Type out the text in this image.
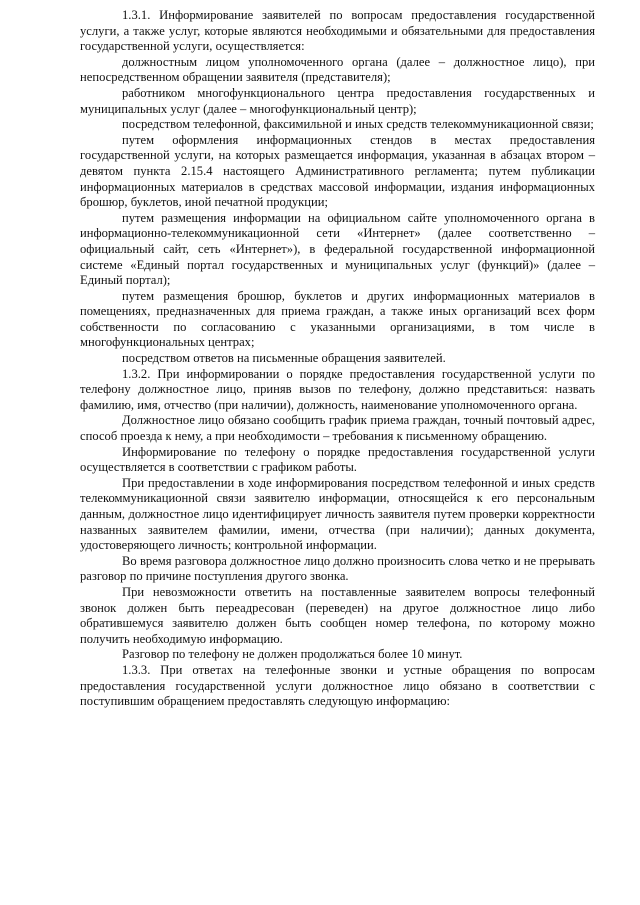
1.3.1. Информирование заявителей по вопросам предоставления государственной услуги, а также услуг, которые являются необходимыми и обязательными для предоставления государственной услуги, осуществляется:

должностным лицом уполномоченного органа (далее – должностное лицо), при непосредственном обращении заявителя (представителя);

работником многофункционального центра предоставления государственных и муниципальных услуг (далее – многофункциональный центр);

посредством телефонной, факсимильной и иных средств телекоммуникационной связи;

путем оформления информационных стендов в местах предоставления государственной услуги, на которых размещается информация, указанная в абзацах втором – девятом пункта 2.15.4 настоящего Административного регламента; путем публикации информационных материалов в средствах массовой информации, издания информационных брошюр, буклетов, иной печатной продукции;

путем размещения информации на официальном сайте уполномоченного органа в информационно-телекоммуникационной сети «Интернет» (далее соответственно – официальный сайт, сеть «Интернет»), в федеральной государственной информационной системе «Единый портал государственных и муниципальных услуг (функций)» (далее – Единый портал);

путем размещения брошюр, буклетов и других информационных материалов в помещениях, предназначенных для приема граждан, а также иных организаций всех форм собственности по согласованию с указанными организациями, в том числе в многофункциональных центрах;

посредством ответов на письменные обращения заявителей.

1.3.2. При информировании о порядке предоставления государственной услуги по телефону должностное лицо, приняв вызов по телефону, должно представиться: назвать фамилию, имя, отчество (при наличии), должность, наименование уполномоченного органа.

Должностное лицо обязано сообщить график приема граждан, точный почтовый адрес, способ проезда к нему, а при необходимости – требования к письменному обращению.

Информирование по телефону о порядке предоставления государственной услуги осуществляется в соответствии с графиком работы.

При предоставлении в ходе информирования посредством телефонной и иных средств телекоммуникационной связи заявителю информации, относящейся к его персональным данным, должностное лицо идентифицирует личность заявителя путем проверки корректности названных заявителем фамилии, имени, отчества (при наличии); данных документа, удостоверяющего личность; контрольной информации.

Во время разговора должностное лицо должно произносить слова четко и не прерывать разговор по причине поступления другого звонка.

При невозможности ответить на поставленные заявителем вопросы телефонный звонок должен быть переадресован (переведен) на другое должностное лицо либо обратившемуся заявителю должен быть сообщен номер телефона, по которому можно получить необходимую информацию.

Разговор по телефону не должен продолжаться более 10 минут.

1.3.3. При ответах на телефонные звонки и устные обращения по вопросам предоставления государственной услуги должностное лицо обязано в соответствии с поступившим обращением предоставлять следующую информацию:
